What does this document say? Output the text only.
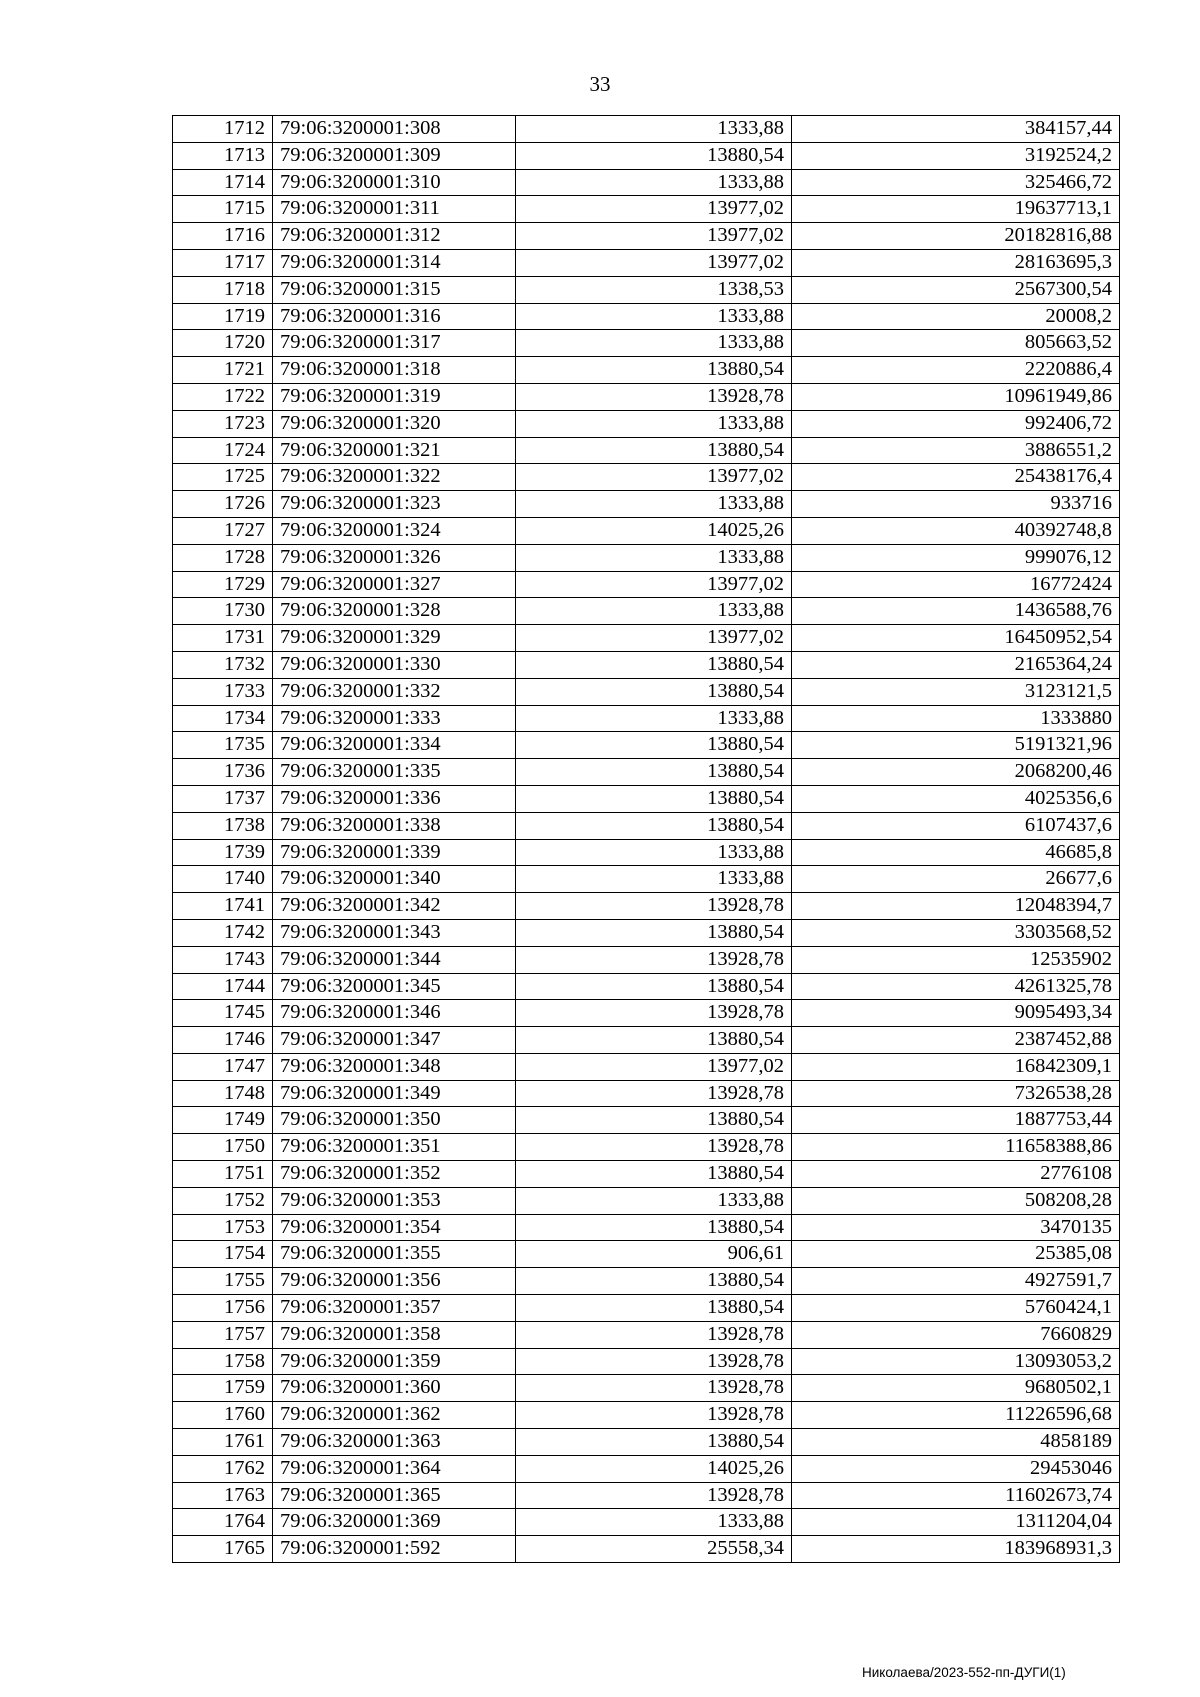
33
1712	79:06:3200001:308	1333,88	384157,44
1713	79:06:3200001:309	13880,54	3192524,2
1714	79:06:3200001:310	1333,88	325466,72
1715	79:06:3200001:311	13977,02	19637713,1
1716	79:06:3200001:312	13977,02	20182816,88
1717	79:06:3200001:314	13977,02	28163695,3
1718	79:06:3200001:315	1338,53	2567300,54
1719	79:06:3200001:316	1333,88	20008,2
1720	79:06:3200001:317	1333,88	805663,52
1721	79:06:3200001:318	13880,54	2220886,4
1722	79:06:3200001:319	13928,78	10961949,86
1723	79:06:3200001:320	1333,88	992406,72
1724	79:06:3200001:321	13880,54	3886551,2
1725	79:06:3200001:322	13977,02	25438176,4
1726	79:06:3200001:323	1333,88	933716
1727	79:06:3200001:324	14025,26	40392748,8
1728	79:06:3200001:326	1333,88	999076,12
1729	79:06:3200001:327	13977,02	16772424
1730	79:06:3200001:328	1333,88	1436588,76
1731	79:06:3200001:329	13977,02	16450952,54
1732	79:06:3200001:330	13880,54	2165364,24
1733	79:06:3200001:332	13880,54	3123121,5
1734	79:06:3200001:333	1333,88	1333880
1735	79:06:3200001:334	13880,54	5191321,96
1736	79:06:3200001:335	13880,54	2068200,46
1737	79:06:3200001:336	13880,54	4025356,6
1738	79:06:3200001:338	13880,54	6107437,6
1739	79:06:3200001:339	1333,88	46685,8
1740	79:06:3200001:340	1333,88	26677,6
1741	79:06:3200001:342	13928,78	12048394,7
1742	79:06:3200001:343	13880,54	3303568,52
1743	79:06:3200001:344	13928,78	12535902
1744	79:06:3200001:345	13880,54	4261325,78
1745	79:06:3200001:346	13928,78	9095493,34
1746	79:06:3200001:347	13880,54	2387452,88
1747	79:06:3200001:348	13977,02	16842309,1
1748	79:06:3200001:349	13928,78	7326538,28
1749	79:06:3200001:350	13880,54	1887753,44
1750	79:06:3200001:351	13928,78	11658388,86
1751	79:06:3200001:352	13880,54	2776108
1752	79:06:3200001:353	1333,88	508208,28
1753	79:06:3200001:354	13880,54	3470135
1754	79:06:3200001:355	906,61	25385,08
1755	79:06:3200001:356	13880,54	4927591,7
1756	79:06:3200001:357	13880,54	5760424,1
1757	79:06:3200001:358	13928,78	7660829
1758	79:06:3200001:359	13928,78	13093053,2
1759	79:06:3200001:360	13928,78	9680502,1
1760	79:06:3200001:362	13928,78	11226596,68
1761	79:06:3200001:363	13880,54	4858189
1762	79:06:3200001:364	14025,26	29453046
1763	79:06:3200001:365	13928,78	11602673,74
1764	79:06:3200001:369	1333,88	1311204,04
1765	79:06:3200001:592	25558,34	183968931,3
Николаева/2023-552-пп-ДУГИ(1)
